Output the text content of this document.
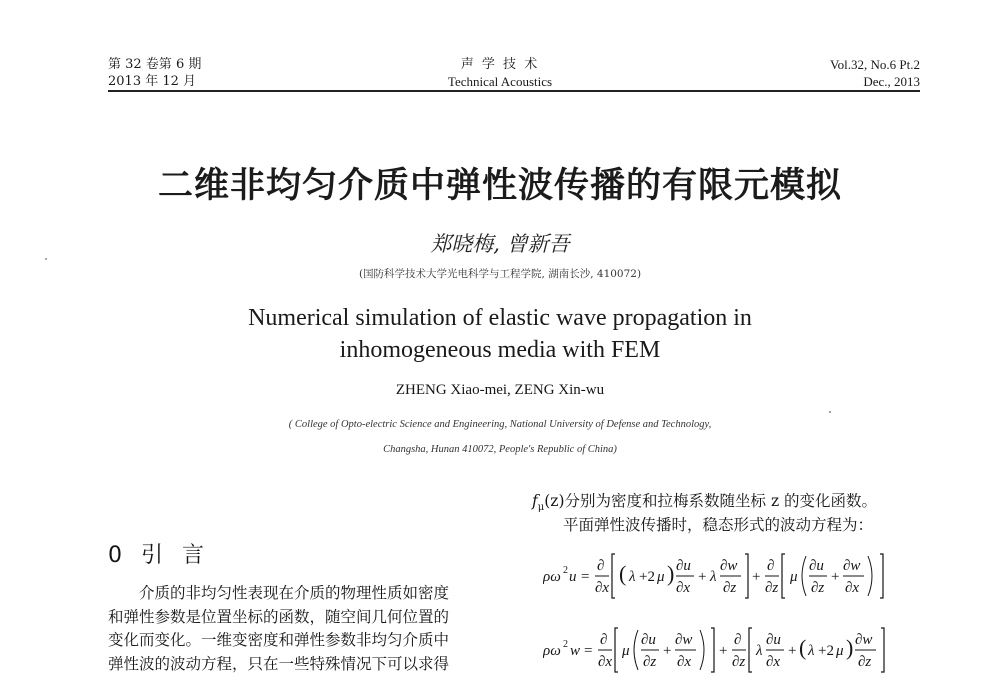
第 32 卷第 6 期
2013 年 12 月
声 学 技 术
Technical Acoustics
Vol.32, No.6 Pt.2
Dec., 2013
二维非均匀介质中弹性波传播的有限元模拟
郑晓梅, 曾新吾
(国防科学技术大学光电科学与工程学院, 湖南长沙, 410072)
Numerical simulation of elastic wave propagation in
inhomogeneous media with FEM
ZHENG Xiao-mei, ZENG Xin-wu
( College of Opto-electric Science and Engineering, National University of Defense and Technology,
Changsha, Hunan 410072, People's Republic of China)
0 引 言

介质的非均匀性表现在介质的物理性质如密度

和弹性参数是位置坐标的函数，随空间几何位置的
变化而变化。一维变密度和弹性参数非均匀介质中
弹性波的波动方程，只在一些特殊情况下可以求得
$f_\mu(z)$分别为密度和拉梅系数随坐标 z 的变化函数。
平面弹性波传播时，稳态形式的波动方程为：
ρω 2 u =
∂
∂x
( λ +2 μ ) ∂u
∂x
+ λ
∂w
∂z
+
∂
∂z
μ
∂u
∂z
+
∂w
∂x
ρω 2 w =
∂
∂x
μ
∂u
∂z
+
∂w
∂x
+
∂
∂z
λ
∂u
∂x
+ ( λ +2 μ ) ∂w
∂z
